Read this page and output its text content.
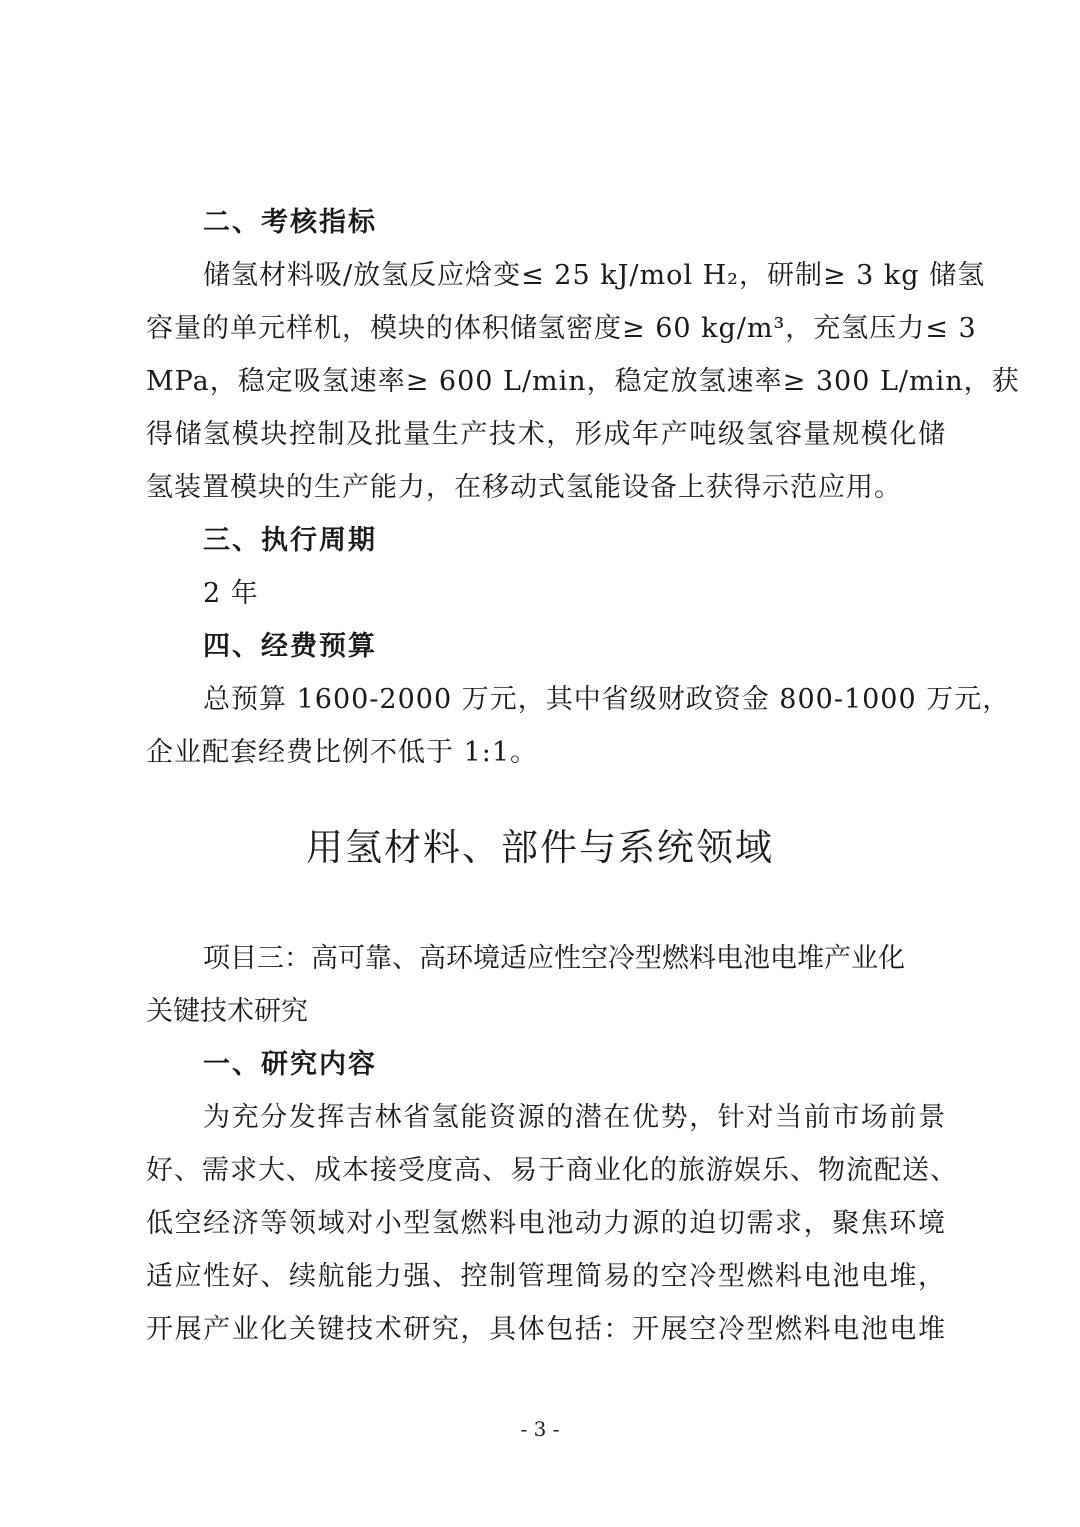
二、考核指标
储氢材料吸/放氢反应焓变≤ 25 kJ/mol H₂，研制≥ 3 kg 储氢
容量的单元样机，模块的体积储氢密度≥ 60 kg/m³，充氢压力≤ 3
MPa，稳定吸氢速率≥ 600 L/min，稳定放氢速率≥ 300 L/min，获
得储氢模块控制及批量生产技术，形成年产吨级氢容量规模化储
氢装置模块的生产能力，在移动式氢能设备上获得示范应用。
三、执行周期
2 年
四、经费预算
总预算 1600-2000 万元，其中省级财政资金 800-1000 万元，
企业配套经费比例不低于 1:1。
用氢材料、部件与系统领域
项目三：高可靠、高环境适应性空冷型燃料电池电堆产业化
关键技术研究
一、研究内容
为充分发挥吉林省氢能资源的潜在优势，针对当前市场前景
好、需求大、成本接受度高、易于商业化的旅游娱乐、物流配送、
低空经济等领域对小型氢燃料电池动力源的迫切需求，聚焦环境
适应性好、续航能力强、控制管理简易的空冷型燃料电池电堆，
开展产业化关键技术研究，具体包括：开展空冷型燃料电池电堆
- 3 -
